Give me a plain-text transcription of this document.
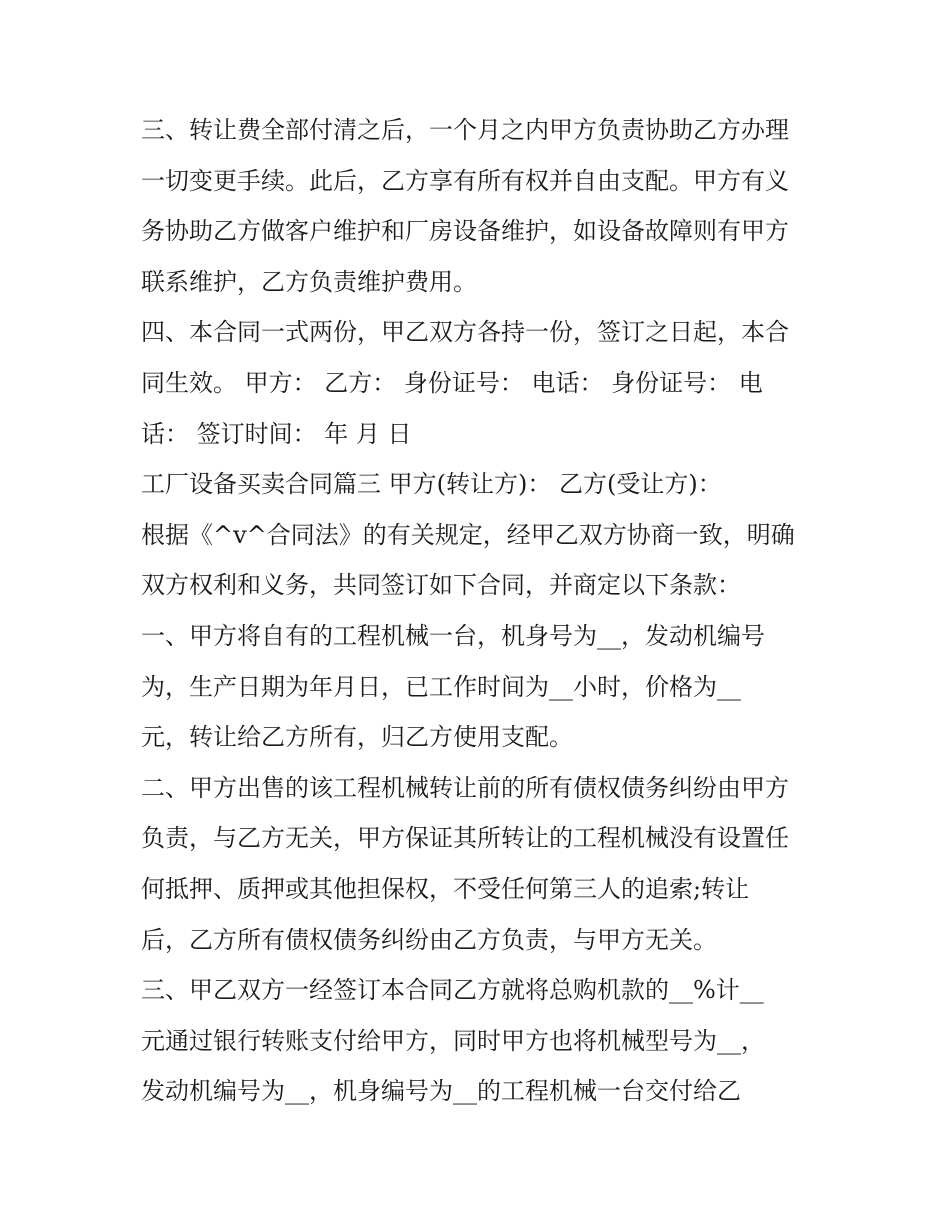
三、转让费全部付清之后，一个月之内甲方负责协助乙方办理

一切变更手续。此后，乙方享有所有权并自由支配。甲方有义

务协助乙方做客户维护和厂房设备维护，如设备故障则有甲方

联系维护，乙方负责维护费用。

四、本合同一式两份，甲乙双方各持一份，签订之日起，本合

同生效。 甲方： 乙方： 身份证号： 电话： 身份证号： 电

话： 签订时间： 年 月 日

工厂设备买卖合同篇三 甲方(转让方)： 乙方(受让方)：

根据《^v^合同法》的有关规定，经甲乙双方协商一致，明确

双方权利和义务，共同签订如下合同，并商定以下条款：

一、甲方将自有的工程机械一台，机身号为__，发动机编号

为，生产日期为年月日，已工作时间为__小时，价格为__

元，转让给乙方所有，归乙方使用支配。

二、甲方出售的该工程机械转让前的所有债权债务纠纷由甲方

负责，与乙方无关，甲方保证其所转让的工程机械没有设置任

何抵押、质押或其他担保权，不受任何第三人的追索;转让

后，乙方所有债权债务纠纷由乙方负责，与甲方无关。

三、甲乙双方一经签订本合同乙方就将总购机款的__%计__

元通过银行转账支付给甲方，同时甲方也将机械型号为__，

发动机编号为__，机身编号为__的工程机械一台交付给乙
